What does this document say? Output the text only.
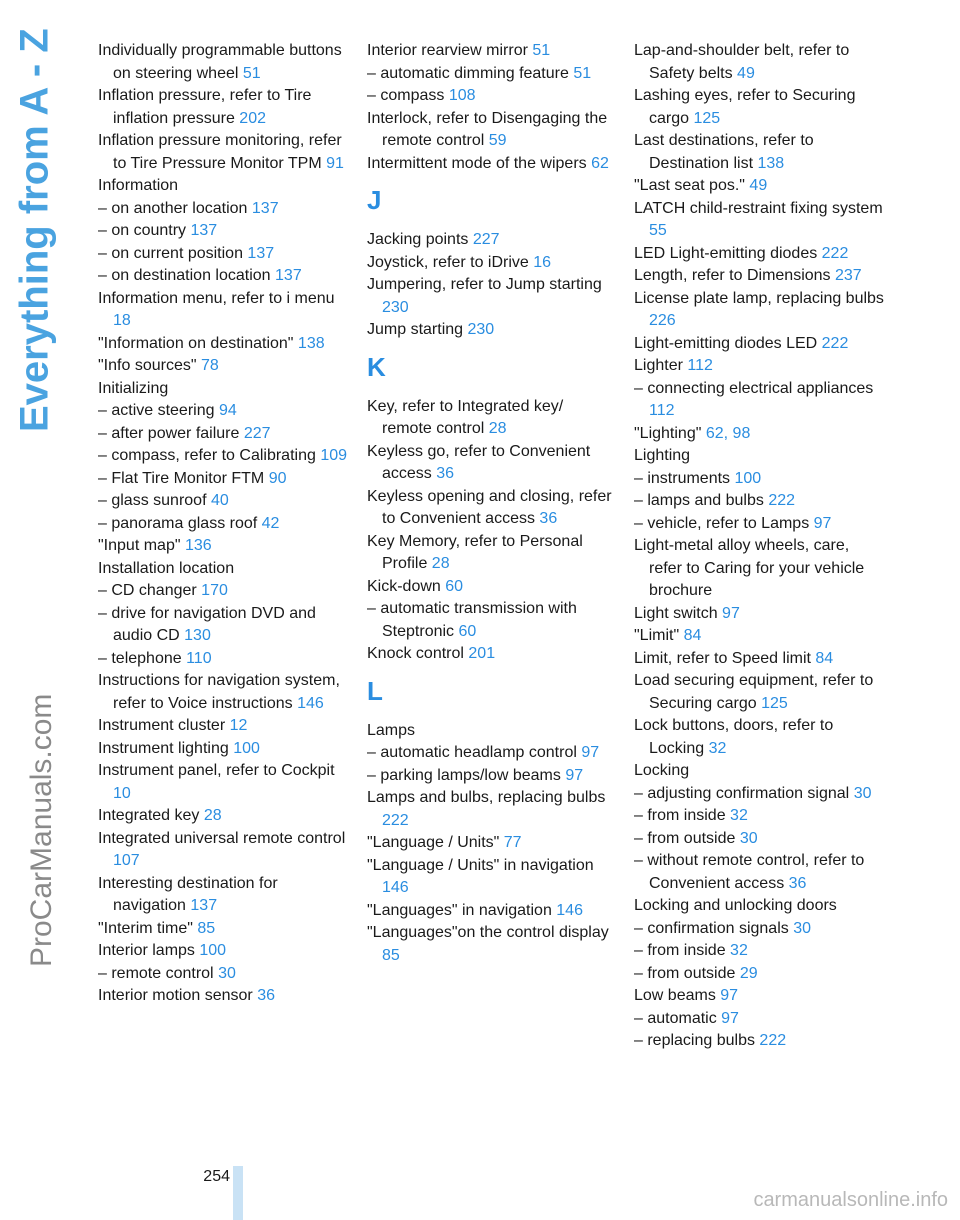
Everything from A - Z
ProCarManuals.com
Individually programmable buttons on steering wheel 51
Inflation pressure, refer to Tire inflation pressure 202
Inflation pressure monitoring, refer to Tire Pressure Monitor TPM 91
Information
– on another location 137
– on country 137
– on current position 137
– on destination location 137
Information menu, refer to i menu 18
"Information on destination" 138
"Info sources" 78
Initializing
– active steering 94
– after power failure 227
– compass, refer to Calibrating 109
– Flat Tire Monitor FTM 90
– glass sunroof 40
– panorama glass roof 42
"Input map" 136
Installation location
– CD changer 170
– drive for navigation DVD and audio CD 130
– telephone 110
Instructions for navigation system, refer to Voice instructions 146
Instrument cluster 12
Instrument lighting 100
Instrument panel, refer to Cockpit 10
Integrated key 28
Integrated universal remote control 107
Interesting destination for navigation 137
"Interim time" 85
Interior lamps 100
– remote control 30
Interior motion sensor 36
Interior rearview mirror 51
– automatic dimming feature 51
– compass 108
Interlock, refer to Disengaging the remote control 59
Intermittent mode of the wipers 62
J
Jacking points 227
Joystick, refer to iDrive 16
Jumpering, refer to Jump starting 230
Jump starting 230
K
Key, refer to Integrated key/ remote control 28
Keyless go, refer to Convenient access 36
Keyless opening and closing, refer to Convenient access 36
Key Memory, refer to Personal Profile 28
Kick-down 60
– automatic transmission with Steptronic 60
Knock control 201
L
Lamps
– automatic headlamp control 97
– parking lamps/low beams 97
Lamps and bulbs, replacing bulbs 222
"Language / Units" 77
"Language / Units" in navigation 146
"Languages" in navigation 146
"Languages"on the control display 85
Lap-and-shoulder belt, refer to Safety belts 49
Lashing eyes, refer to Securing cargo 125
Last destinations, refer to Destination list 138
"Last seat pos." 49
LATCH child-restraint fixing system 55
LED Light-emitting diodes 222
Length, refer to Dimensions 237
License plate lamp, replacing bulbs 226
Light-emitting diodes LED 222
Lighter 112
– connecting electrical appliances 112
"Lighting" 62, 98
Lighting
– instruments 100
– lamps and bulbs 222
– vehicle, refer to Lamps 97
Light-metal alloy wheels, care, refer to Caring for your vehicle brochure
Light switch 97
"Limit" 84
Limit, refer to Speed limit 84
Load securing equipment, refer to Securing cargo 125
Lock buttons, doors, refer to Locking 32
Locking
– adjusting confirmation signal 30
– from inside 32
– from outside 30
– without remote control, refer to Convenient access 36
Locking and unlocking doors
– confirmation signals 30
– from inside 32
– from outside 29
Low beams 97
– automatic 97
– replacing bulbs 222
254
carmanualsonline.info
